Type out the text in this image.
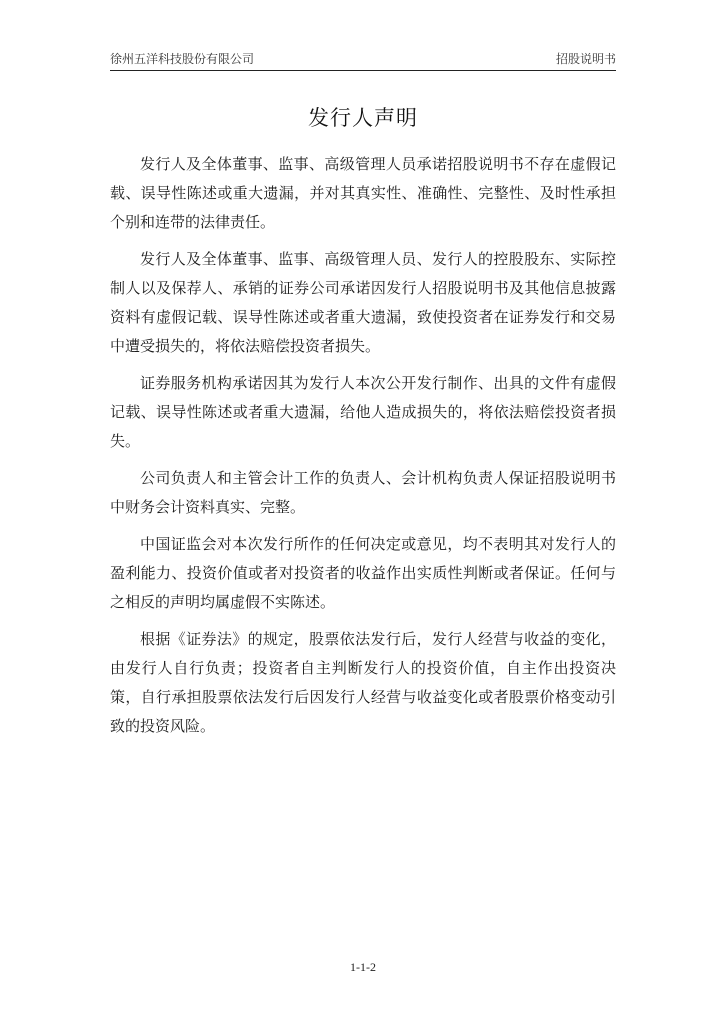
徐州五洋科技股份有限公司	招股说明书
发行人声明

发行人及全体董事、监事、高级管理人员承诺招股说明书不存在虚假记载、误导性陈述或重大遗漏，并对其真实性、准确性、完整性、及时性承担个别和连带的法律责任。

发行人及全体董事、监事、高级管理人员、发行人的控股股东、实际控制人以及保荐人、承销的证券公司承诺因发行人招股说明书及其他信息披露资料有虚假记载、误导性陈述或者重大遗漏，致使投资者在证券发行和交易中遭受损失的，将依法赔偿投资者损失。

证券服务机构承诺因其为发行人本次公开发行制作、出具的文件有虚假记载、误导性陈述或者重大遗漏，给他人造成损失的，将依法赔偿投资者损失。

公司负责人和主管会计工作的负责人、会计机构负责人保证招股说明书中财务会计资料真实、完整。

中国证监会对本次发行所作的任何决定或意见，均不表明其对发行人的盈利能力、投资价值或者对投资者的收益作出实质性判断或者保证。任何与之相反的声明均属虚假不实陈述。

根据《证券法》的规定，股票依法发行后，发行人经营与收益的变化，由发行人自行负责；投资者自主判断发行人的投资价值，自主作出投资决策，自行承担股票依法发行后因发行人经营与收益变化或者股票价格变动引致的投资风险。

1-1-2
